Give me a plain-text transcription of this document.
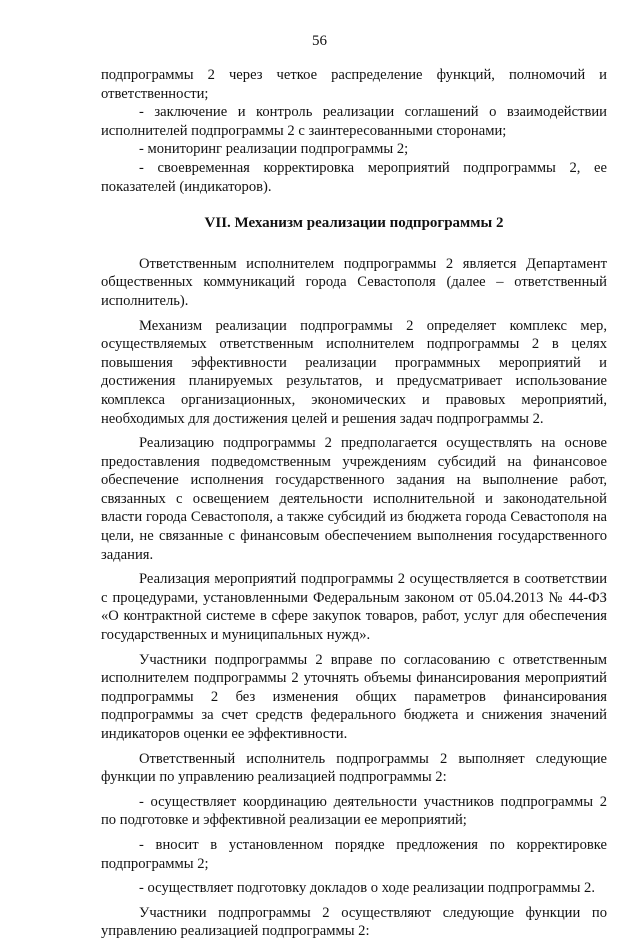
56

подпрограммы 2 через четкое распределение функций, полномочий и ответственности;

- заключение и контроль реализации соглашений о взаимодействии исполнителей подпрограммы 2 с заинтересованными сторонами;

- мониторинг реализации подпрограммы 2;

- своевременная корректировка мероприятий подпрограммы 2, ее показателей (индикаторов).

VII. Механизм реализации подпрограммы 2

Ответственным исполнителем подпрограммы 2 является Департамент общественных коммуникаций города Севастополя (далее – ответственный исполнитель).

Механизм реализации подпрограммы 2 определяет комплекс мер, осуществляемых ответственным исполнителем подпрограммы 2 в целях повышения эффективности реализации программных мероприятий и достижения планируемых результатов, и предусматривает использование комплекса организационных, экономических и правовых мероприятий, необходимых для достижения целей и решения задач подпрограммы 2.

Реализацию подпрограммы 2 предполагается осуществлять на основе предоставления подведомственным учреждениям субсидий на финансовое обеспечение исполнения государственного задания на выполнение работ, связанных с освещением деятельности исполнительной и законодательной власти города Севастополя, а также субсидий из бюджета города Севастополя на цели, не связанные с финансовым обеспечением выполнения государственного задания.

Реализация мероприятий подпрограммы 2 осуществляется в соответствии с процедурами, установленными Федеральным законом от 05.04.2013 № 44-ФЗ «О контрактной системе в сфере закупок товаров, работ, услуг для обеспечения государственных и муниципальных нужд».

Участники подпрограммы 2 вправе по согласованию с ответственным исполнителем подпрограммы 2 уточнять объемы финансирования мероприятий подпрограммы 2 без изменения общих параметров финансирования подпрограммы за счет средств федерального бюджета и снижения значений индикаторов оценки ее эффективности.

Ответственный исполнитель подпрограммы 2 выполняет следующие функции по управлению реализацией подпрограммы 2:

- осуществляет координацию деятельности участников подпрограммы 2 по подготовке и эффективной реализации ее мероприятий;

- вносит в установленном порядке предложения по корректировке подпрограммы 2;

- осуществляет подготовку докладов о ходе реализации подпрограммы 2.

Участники подпрограммы 2 осуществляют следующие функции по управлению реализацией подпрограммы 2:
